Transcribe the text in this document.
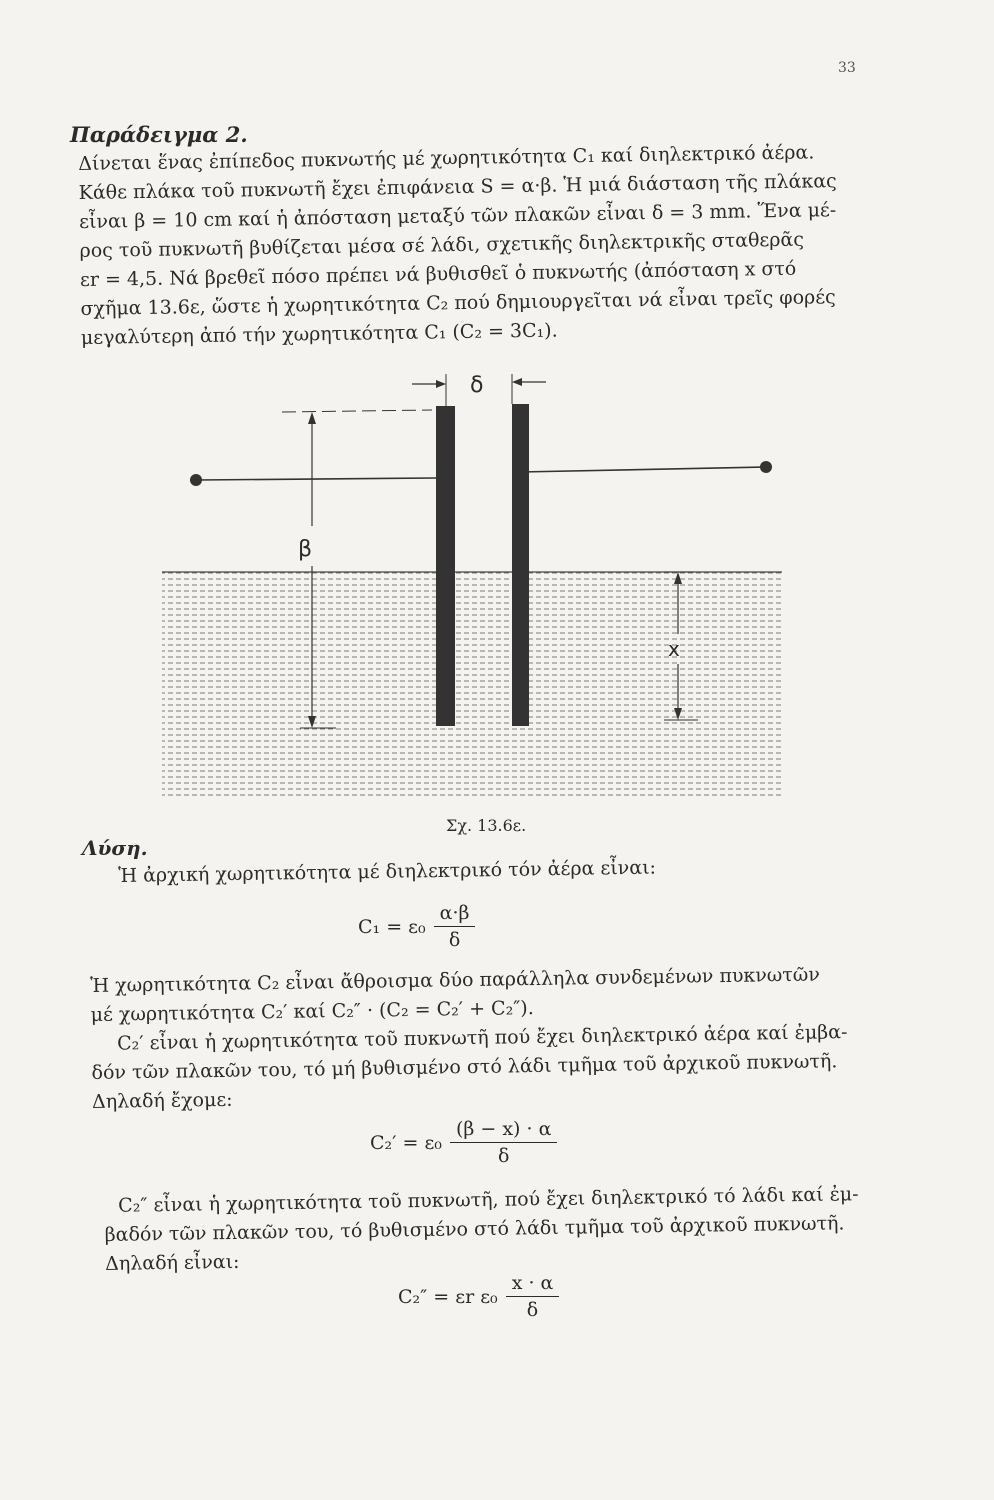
33
Παράδειγμα 2.
Δίνεται ἕνας ἐπίπεδος πυκνωτής μέ χωρητικότητα C₁ καί διηλεκτρικό ἀέρα.
Κάθε πλάκα τοῦ πυκνωτῆ ἔχει ἐπιφάνεια S = α·β. Ἡ μιά διάσταση τῆς πλάκας
εἶναι β = 10 cm καί ἡ ἀπόσταση μεταξύ τῶν πλακῶν εἶναι δ = 3 mm. Ἕνα μέ-
ρος τοῦ πυκνωτῆ βυθίζεται μέσα σέ λάδι, σχετικῆς διηλεκτρικῆς σταθερᾶς
εr = 4,5. Νά βρεθεῖ πόσο πρέπει νά βυθισθεῖ ὁ πυκνωτής (ἀπόσταση x στό
σχῆμα 13.6ε, ὥστε ἡ χωρητικότητα C₂ πού δημιουργεῖται νά εἶναι τρεῖς φορές
μεγαλύτερη ἀπό τήν χωρητικότητα C₁ (C₂ = 3C₁).
δ
β
x
Σχ. 13.6ε.
Λύση.
Ἡ ἀρχική χωρητικότητα μέ διηλεκτρικό τόν ἀέρα εἶναι:
$C_1 = \varepsilon_0 \frac{\alpha\cdot\beta}{\delta}$
Ἡ χωρητικότητα C₂ εἶναι ἄθροισμα δύο παράλληλα συνδεμένων πυκνωτῶν
μέ χωρητικότητα C₂′ καί C₂″ · (C₂ = C₂′ + C₂″).
C₂′ εἶναι ἡ χωρητικότητα τοῦ πυκνωτῆ πού ἔχει διηλεκτρικό ἀέρα καί ἐμβα-
δόν τῶν πλακῶν του, τό μή βυθισμένο στό λάδι τμῆμα τοῦ ἀρχικοῦ πυκνωτῆ.
Δηλαδή ἔχομε:
$C_2' = \varepsilon_0 \frac{(\beta - x) \cdot \alpha}{\delta}$
C₂″ εἶναι ἡ χωρητικότητα τοῦ πυκνωτῆ, πού ἔχει διηλεκτρικό τό λάδι καί ἐμ-
βαδόν τῶν πλακῶν του, τό βυθισμένο στό λάδι τμῆμα τοῦ ἀρχικοῦ πυκνωτῆ.
Δηλαδή εἶναι:
C₂″ = εr $\varepsilon_0 \frac{x \cdot \alpha}{\delta}$
